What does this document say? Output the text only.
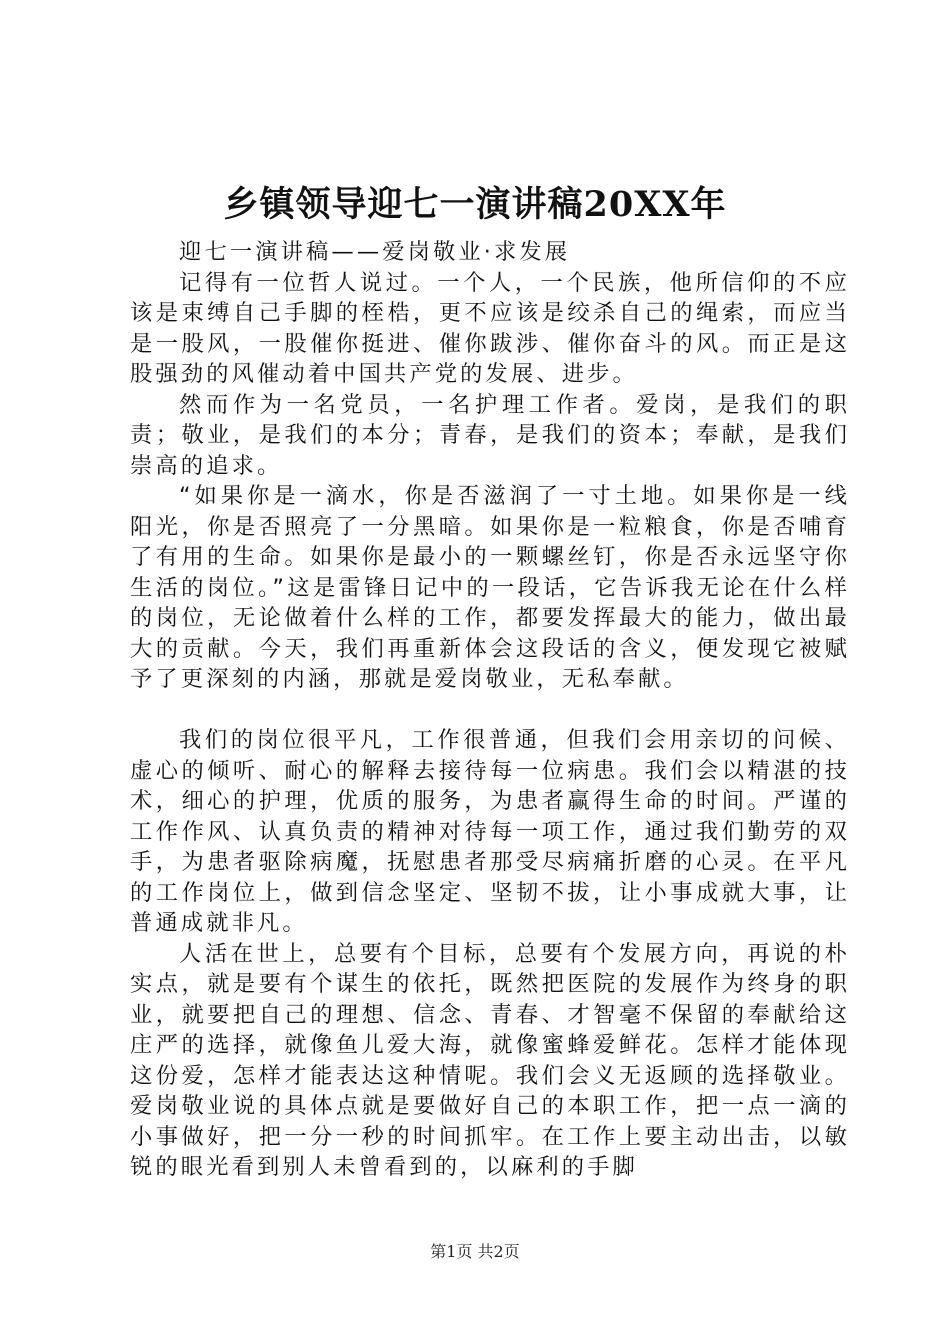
乡镇领导迎七一演讲稿20XX年

迎七一演讲稿——爱岗敬业·求发展

记得有一位哲人说过。一个人，一个民族，他所信仰的不应该是束缚自己手脚的桎梏，更不应该是绞杀自己的绳索，而应当是一股风，一股催你挺进、催你跋涉、催你奋斗的风。而正是这股强劲的风催动着中国共产党的发展、进步。

然而作为一名党员，一名护理工作者。爱岗，是我们的职责；敬业，是我们的本分；青春，是我们的资本；奉献，是我们崇高的追求。

“如果你是一滴水，你是否滋润了一寸土地。如果你是一线阳光，你是否照亮了一分黑暗。如果你是一粒粮食，你是否哺育了有用的生命。如果你是最小的一颗螺丝钉，你是否永远坚守你生活的岗位。”这是雷锋日记中的一段话，它告诉我无论在什么样的岗位，无论做着什么样的工作，都要发挥最大的能力，做出最大的贡献。今天，我们再重新体会这段话的含义，便发现它被赋予了更深刻的内涵，那就是爱岗敬业，无私奉献。

我们的岗位很平凡，工作很普通，但我们会用亲切的问候、虚心的倾听、耐心的解释去接待每一位病患。我们会以精湛的技术，细心的护理，优质的服务，为患者赢得生命的时间。严谨的工作作风、认真负责的精神对待每一项工作，通过我们勤劳的双手，为患者驱除病魔，抚慰患者那受尽病痛折磨的心灵。在平凡的工作岗位上，做到信念坚定、坚韧不拔，让小事成就大事，让普通成就非凡。

人活在世上，总要有个目标，总要有个发展方向，再说的朴实点，就是要有个谋生的依托，既然把医院的发展作为终身的职业，就要把自己的理想、信念、青春、才智毫不保留的奉献给这庄严的选择，就像鱼儿爱大海，就像蜜蜂爱鲜花。怎样才能体现这份爱，怎样才能表达这种情呢。我们会义无返顾的选择敬业。爱岗敬业说的具体点就是要做好自己的本职工作，把一点一滴的小事做好，把一分一秒的时间抓牢。在工作上要主动出击，以敏锐的眼光看到别人未曾看到的，以麻利的手脚

第1页 共2页
